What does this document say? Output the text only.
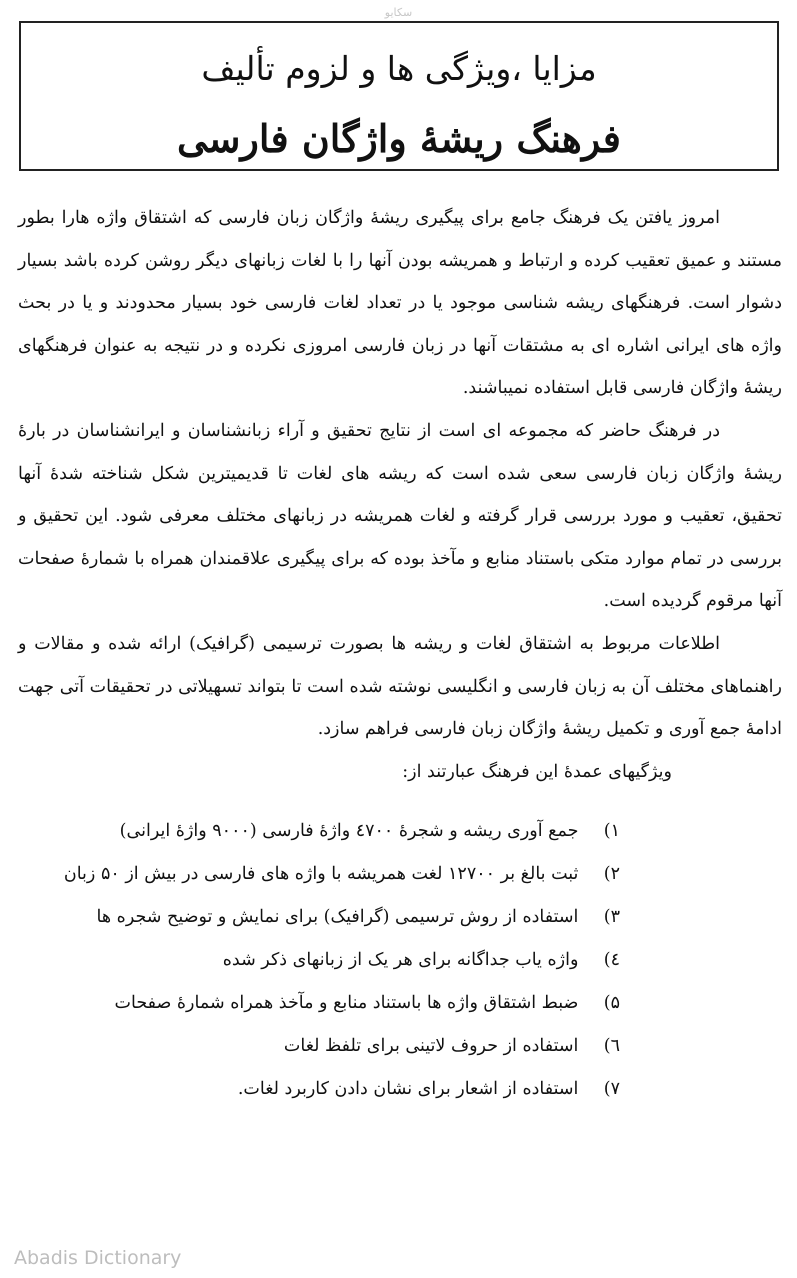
سکایو
مزایا ،ویژگی ها و لزوم تألیف
فرهنگ ریشۀ واژگان فارسی

امروز یافتن یک فرهنگ جامع برای پیگیری ریشۀ واژگان زبان فارسی که اشتقاق واژه هارا بطور مستند و عمیق تعقیب کرده و ارتباط و همریشه بودن آنها را با لغات زبانهای دیگر روشن کرده باشد بسیار دشوار است. فرهنگهای ریشه شناسی موجود یا در تعداد لغات فارسی خود بسیار محدودند و یا در بحث واژه های ایرانی اشاره ای به مشتقات آنها در زبان فارسی امروزی نکرده و در نتیجه به عنوان فرهنگهای ریشۀ واژگان فارسی قابل استفاده نمیباشند.

در فرهنگ حاضر که مجموعه ای است از نتایج تحقیق و آراء زبانشناسان و ایرانشناسان در بارۀ ریشۀ واژگان زبان فارسی سعی شده است که ریشه های لغات تا قدیمیترین شکل شناخته شدۀ آنها تحقیق، تعقیب و مورد بررسی قرار گرفته و لغات همریشه در زبانهای مختلف معرفی شود. این تحقیق و بررسی در تمام موارد متکی باستناد منابع و مآخذ بوده که برای پیگیری علاقمندان همراه با شمارۀ صفحات آنها مرقوم گردیده است.

اطلاعات مربوط به اشتقاق لغات و ریشه ها بصورت ترسیمی (گرافیک) ارائه شده و مقالات و راهنماهای مختلف آن به زبان فارسی و انگلیسی نوشته شده است تا بتواند تسهیلاتی در تحقیقات آتی جهت ادامۀ جمع آوری و تکمیل ریشۀ واژگان زبان فارسی فراهم سازد.

ویژگیهای عمدۀ این فرهنگ عبارتند از:

۱) جمع آوری ریشه و شجرۀ ٤٧٠٠ واژۀ فارسی (۹۰۰۰ واژۀ ایرانی)
۲) ثبت بالغ بر ۱۲۷۰۰ لغت همریشه با واژه های فارسی در بیش از ۵۰ زبان
۳) استفاده از روش ترسیمی (گرافیک) برای نمایش و توضیح شجره ها
٤) واژه یاب جداگانه برای هر یک از زبانهای ذکر شده
۵) ضبط اشتقاق واژه ها باستناد منابع و مآخذ همراه شمارۀ صفحات
٦) استفاده از حروف لاتینی برای تلفظ لغات
۷) استفاده از اشعار برای نشان دادن کاربرد لغات.
Abadis Dictionary
